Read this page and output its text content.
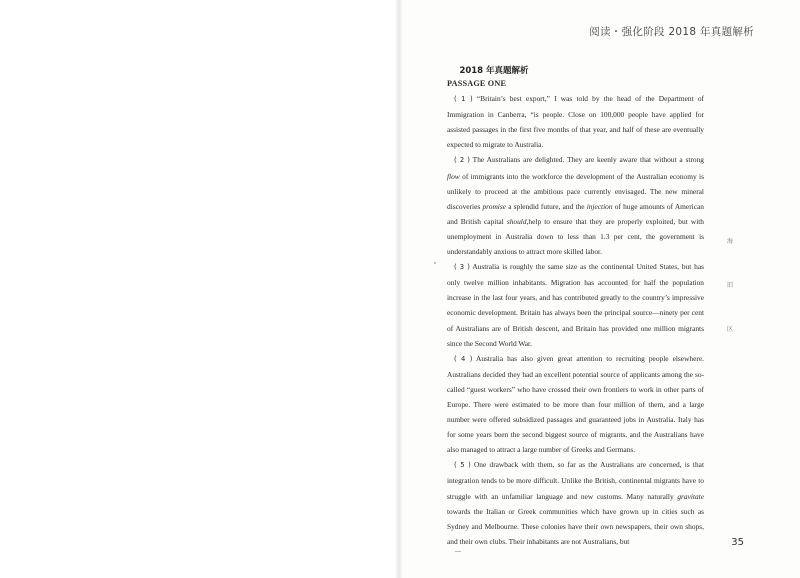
阅读・强化阶段 2018 年真题解析
2018 年真题解析
PASSAGE ONE

( 1 ) “Britain’s best export,” I was told by the head of the Department of Immigration in Canberra, “is people. Close on 100,000 people have applied for assisted passages in the first five months of that year, and half of these are eventually expected to migrate to Australia.

( 2 ) The Australians are delighted. They are keenly aware that without a strong flow of immigrants into the workforce the development of the Australian economy is unlikely to proceed at the ambitious pace currently envisaged. The new mineral discoveries promise a splendid future, and the injection of huge amounts of American and British capital should,help to ensure that they are properly exploited, but with unemployment in Australia down to less than 1.3 per cent, the government is understandably anxious to attract more skilled labor.

( 3 ) Australia is roughly the same size as the continental United States, but has only twelve million inhabitants. Migration has accounted for half the population increase in the last four years, and has contributed greatly to the country’s impressive economic development. Britain has always been the principal source—ninety per cent of Australians are of British descent, and Britain has provided one million migrants since the Second World War.

( 4 ) Australia has also given great attention to recruiting people elsewhere. Australians decided they had an excellent potential source of applicants among the so-called “guest workers” who have crossed their own frontiers to work in other parts of Europe. There were estimated to be more than four million of them, and a large number were offered subsidized passages and guaranteed jobs in Australia. Italy has for some years been the second biggest source of migrants, and the Australians have also managed to attract a large number of Greeks and Germans.

( 5 ) One drawback with them, so far as the Australians are concerned, is that integration tends to be more difficult. Unlike the British, continental migrants have to struggle with an unfamiliar language and new customs. Many naturally gravitate towards the Italian or Greek communities which have grown up in cities such as Sydney and Melbourne. These colonies have their own newspapers, their own shops, and their own clubs. Their inhabitants are not Australians, but

海
旧
区
35
